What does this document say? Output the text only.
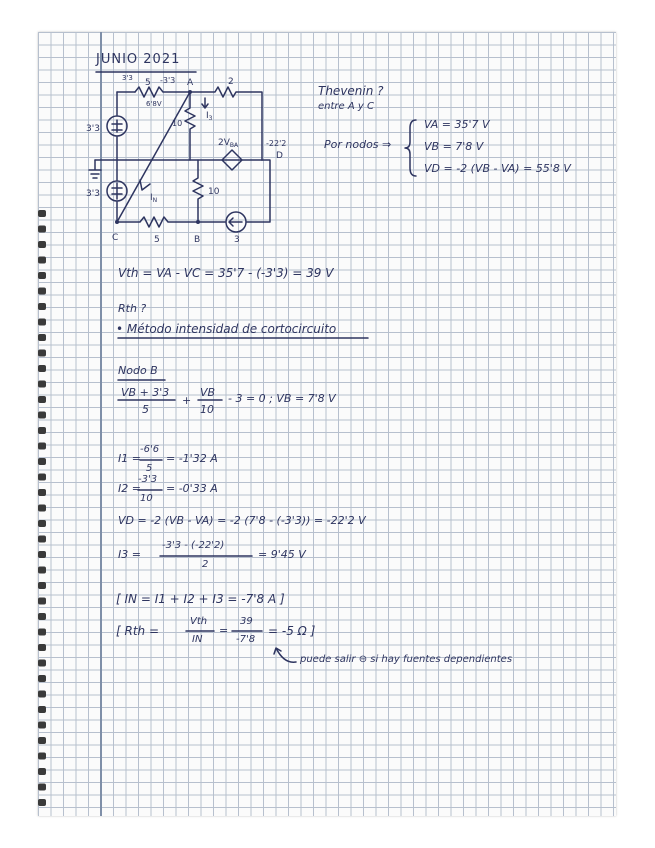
A
B
C
D
5 -3'3
3'3
6'8V
2
10
10
5	3
3'3
3'3
$2V_{BA}$	-22'2
$I_3$
$I_N$
JUNIO 2021
Thevenin ?
entre A y C
Por nodos ⇒
VA = 35'7 V
VB = 7'8 V
VD = -2 (VB - VA) = 55'8 V
Vth = VA - VC = 35'7 - (-3'3) = 39 V
Rth ?
• Método intensidad de cortocircuito
Nodo B
VB + 3'3
5
+
VB
10
- 3 = 0 ; VB = 7'8 V
I1 =
-6'6
5
= -1'32 A
I2 =
-3'3
10
= -0'33 A
VD = -2 (VB - VA) = -2 (7'8 - (-3'3)) = -22'2 V
I3 =
-3'3 - (-22'2)
2
= 9'45 V
[ IN = I1 + I2 + I3 = -7'8 A ]
[ Rth =
Vth
IN
=
39
-7'8
= -5 Ω ]
puede salir ⊖ si hay fuentes dependientes
